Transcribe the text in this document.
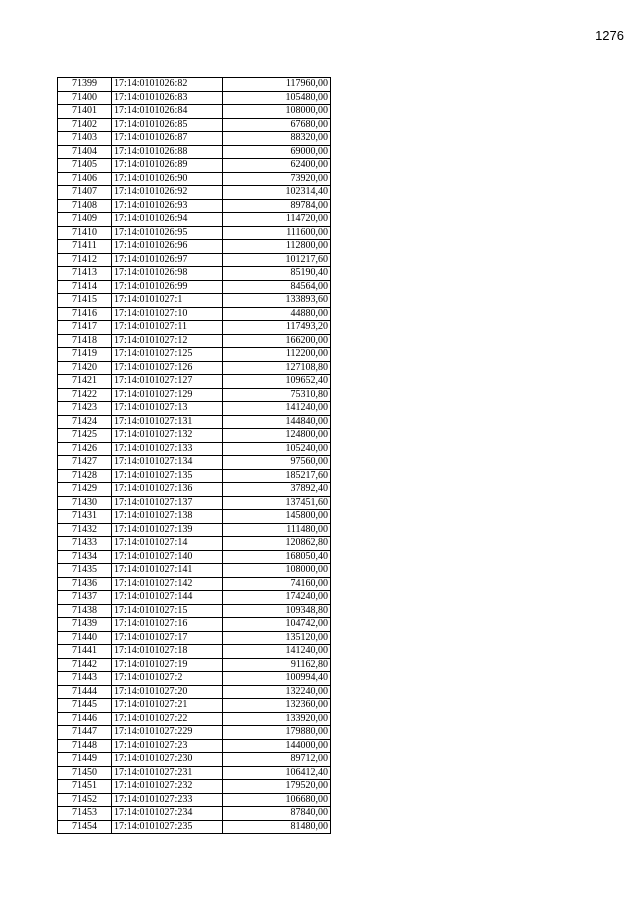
1276
71399	17:14:0101026:82	117960,00
71400	17:14:0101026:83	105480,00
71401	17:14:0101026:84	108000,00
71402	17:14:0101026:85	67680,00
71403	17:14:0101026:87	88320,00
71404	17:14:0101026:88	69000,00
71405	17:14:0101026:89	62400,00
71406	17:14:0101026:90	73920,00
71407	17:14:0101026:92	102314,40
71408	17:14:0101026:93	89784,00
71409	17:14:0101026:94	114720,00
71410	17:14:0101026:95	111600,00
71411	17:14:0101026:96	112800,00
71412	17:14:0101026:97	101217,60
71413	17:14:0101026:98	85190,40
71414	17:14:0101026:99	84564,00
71415	17:14:0101027:1	133893,60
71416	17:14:0101027:10	44880,00
71417	17:14:0101027:11	117493,20
71418	17:14:0101027:12	166200,00
71419	17:14:0101027:125	112200,00
71420	17:14:0101027:126	127108,80
71421	17:14:0101027:127	109652,40
71422	17:14:0101027:129	75310,80
71423	17:14:0101027:13	141240,00
71424	17:14:0101027:131	144840,00
71425	17:14:0101027:132	124800,00
71426	17:14:0101027:133	105240,00
71427	17:14:0101027:134	97560,00
71428	17:14:0101027:135	185217,60
71429	17:14:0101027:136	37892,40
71430	17:14:0101027:137	137451,60
71431	17:14:0101027:138	145800,00
71432	17:14:0101027:139	111480,00
71433	17:14:0101027:14	120862,80
71434	17:14:0101027:140	168050,40
71435	17:14:0101027:141	108000,00
71436	17:14:0101027:142	74160,00
71437	17:14:0101027:144	174240,00
71438	17:14:0101027:15	109348,80
71439	17:14:0101027:16	104742,00
71440	17:14:0101027:17	135120,00
71441	17:14:0101027:18	141240,00
71442	17:14:0101027:19	91162,80
71443	17:14:0101027:2	100994,40
71444	17:14:0101027:20	132240,00
71445	17:14:0101027:21	132360,00
71446	17:14:0101027:22	133920,00
71447	17:14:0101027:229	179880,00
71448	17:14:0101027:23	144000,00
71449	17:14:0101027:230	89712,00
71450	17:14:0101027:231	106412,40
71451	17:14:0101027:232	179520,00
71452	17:14:0101027:233	106680,00
71453	17:14:0101027:234	87840,00
71454	17:14:0101027:235	81480,00
